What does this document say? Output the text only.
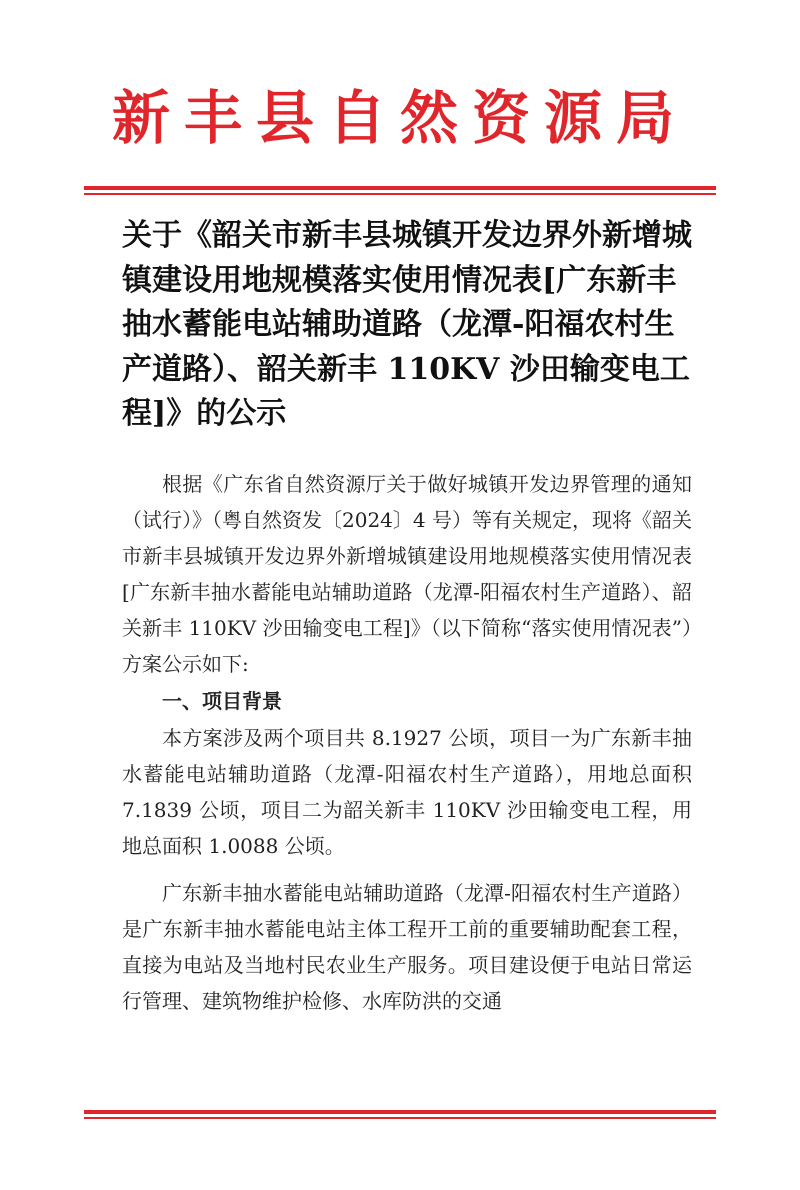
新丰县自然资源局
关于《韶关市新丰县城镇开发边界外新增城镇建设用地规模落实使用情况表[广东新丰抽水蓄能电站辅助道路（龙潭-阳福农村生产道路）、韶关新丰 110KV 沙田输变电工程]》的公示

根据《广东省自然资源厅关于做好城镇开发边界管理的通知（试行）》（粤自然资发〔2024〕4 号）等有关规定，现将《韶关市新丰县城镇开发边界外新增城镇建设用地规模落实使用情况表[广东新丰抽水蓄能电站辅助道路（龙潭-阳福农村生产道路）、韶关新丰 110KV 沙田输变电工程]》（以下简称“落实使用情况表”）方案公示如下:

一、项目背景

本方案涉及两个项目共 8.1927 公顷，项目一为广东新丰抽水蓄能电站辅助道路（龙潭-阳福农村生产道路），用地总面积 7.1839 公顷，项目二为韶关新丰 110KV 沙田输变电工程，用地总面积 1.0088 公顷。

广东新丰抽水蓄能电站辅助道路（龙潭-阳福农村生产道路）是广东新丰抽水蓄能电站主体工程开工前的重要辅助配套工程，直接为电站及当地村民农业生产服务。项目建设便于电站日常运行管理、建筑物维护检修、水库防洪的交通
